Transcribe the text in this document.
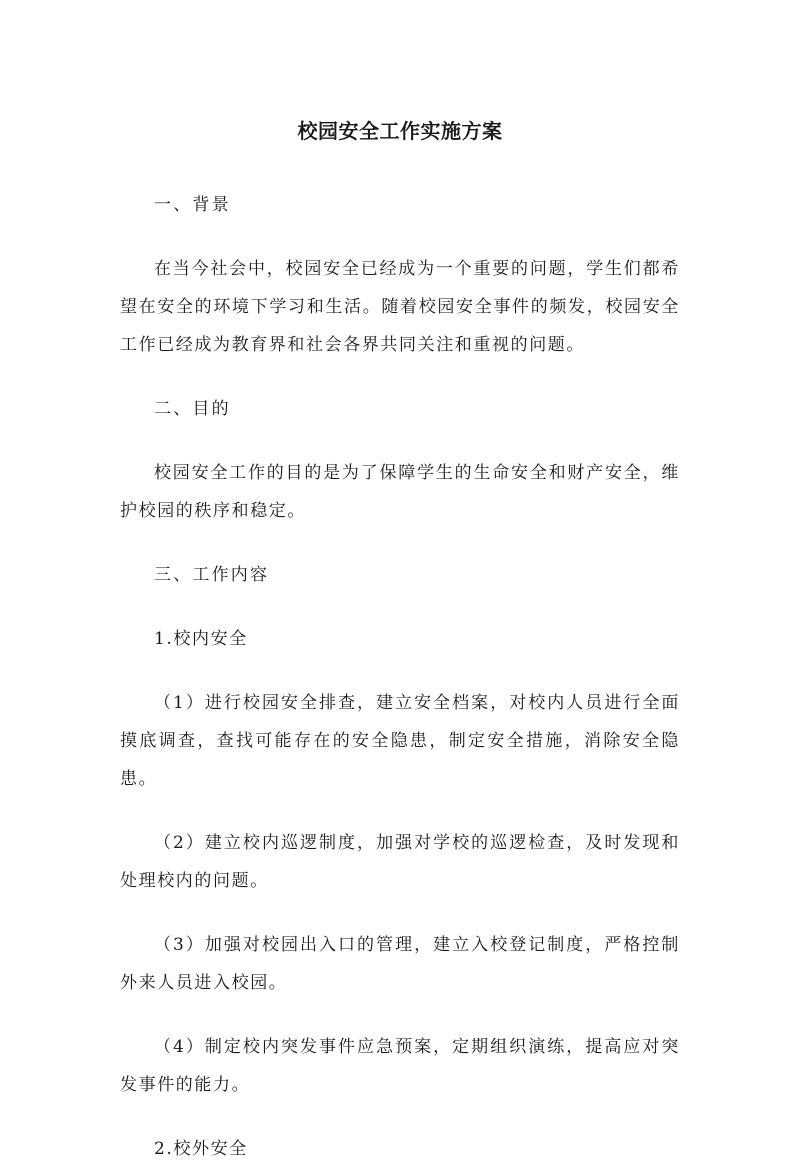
校园安全工作实施方案

一、背景

在当今社会中，校园安全已经成为一个重要的问题，学生们都希望在安全的环境下学习和生活。随着校园安全事件的频发，校园安全工作已经成为教育界和社会各界共同关注和重视的问题。

二、目的

校园安全工作的目的是为了保障学生的生命安全和财产安全，维护校园的秩序和稳定。

三、工作内容

1.校内安全

（1）进行校园安全排查，建立安全档案，对校内人员进行全面摸底调查，查找可能存在的安全隐患，制定安全措施，消除安全隐患。

（2）建立校内巡逻制度，加强对学校的巡逻检查，及时发现和处理校内的问题。

（3）加强对校园出入口的管理，建立入校登记制度，严格控制外来人员进入校园。

（4）制定校内突发事件应急预案，定期组织演练，提高应对突发事件的能力。

2.校外安全
